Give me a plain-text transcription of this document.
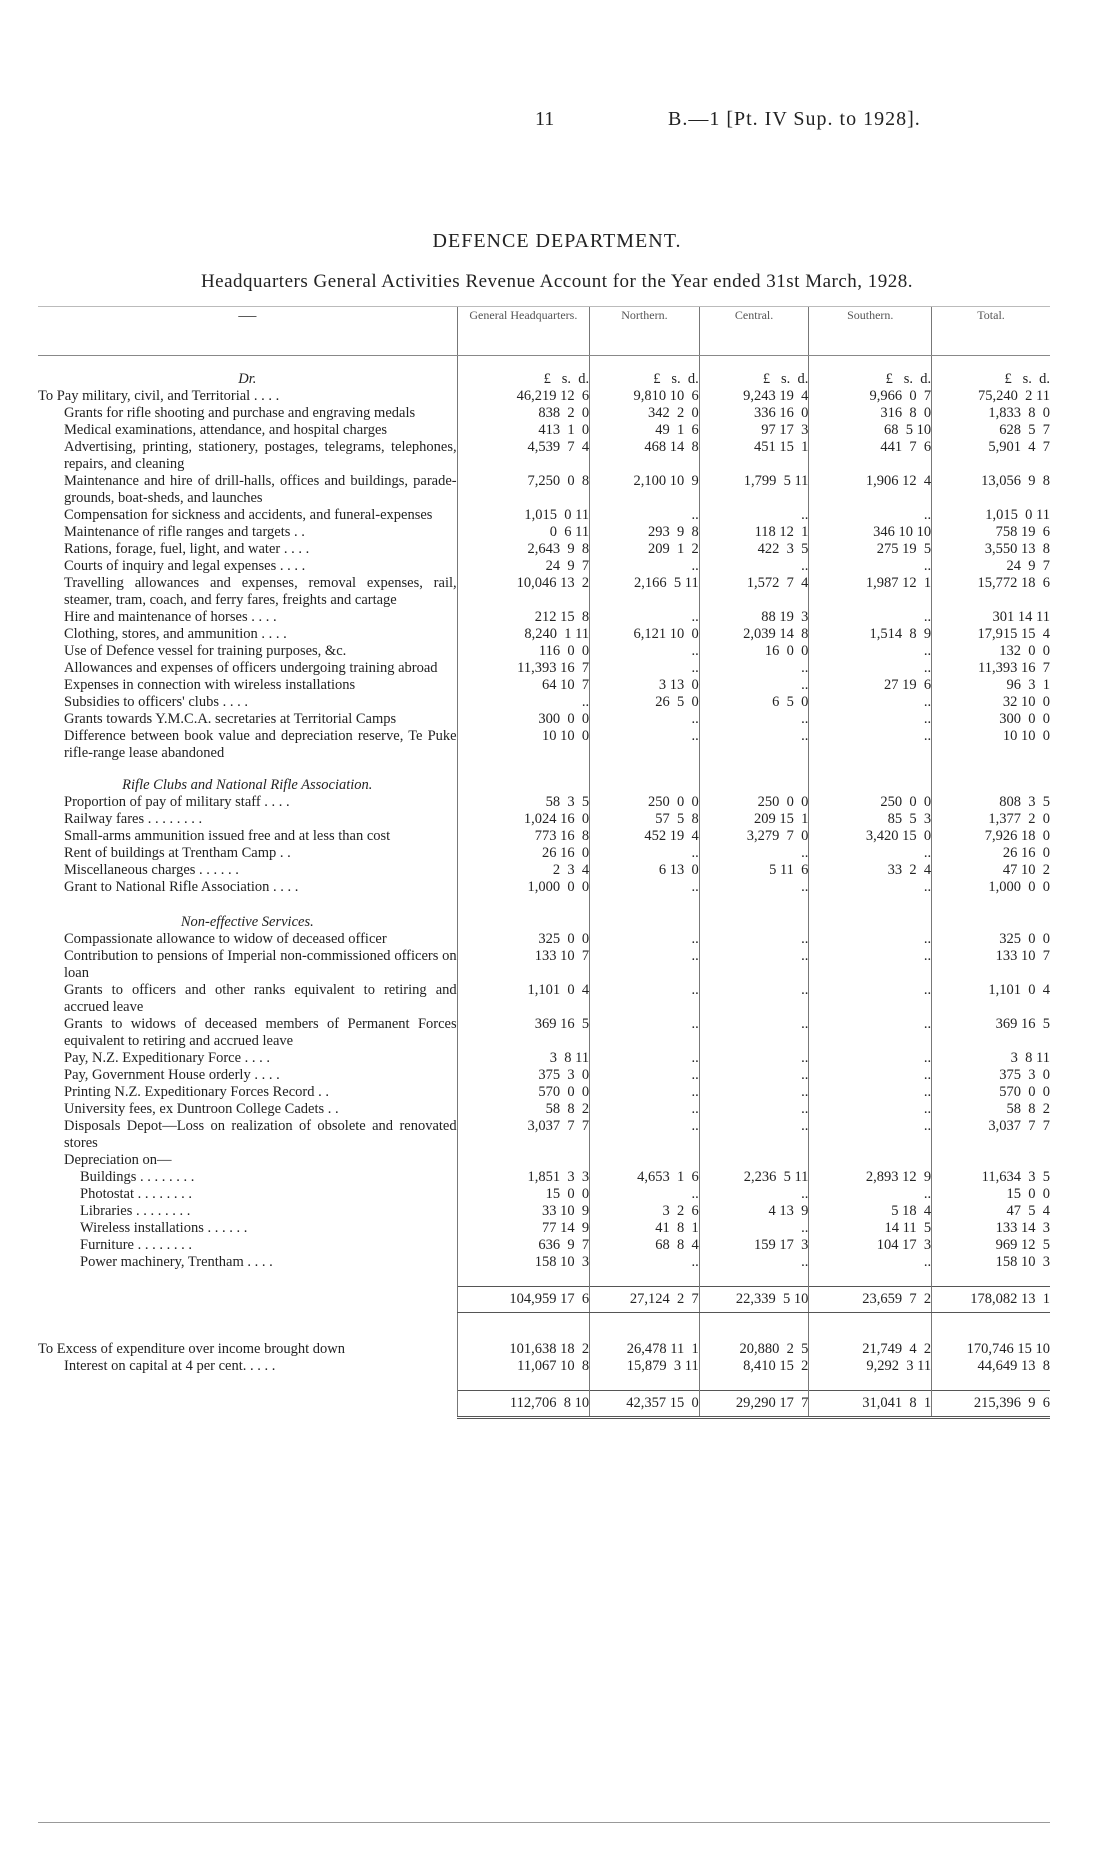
11	B.—1 [Pt. IV Sup. to 1928].
DEFENCE DEPARTMENT.
Headquarters General Activities Revenue Account for the Year ended 31st March, 1928.
—	General Headquarters.	Northern.	Central.	Southern.	Total.

Dr.	£   s.  d.	£   s.  d.	£   s.  d.	£   s.  d.	£   s.  d.
To Pay military, civil, and Territorial . . . .	46,219 12  6	9,810 10  6	9,243 19  4	9,966  0  7	75,240  2 11
Grants for rifle shooting and purchase and engraving medals	838  2  0	342  2  0	336 16  0	316  8  0	1,833  8  0
Medical examinations, attendance, and hospital charges	413  1  0	49  1  6	97 17  3	68  5 10	628  5  7
Advertising, printing, stationery, postages, telegrams, telephones, repairs, and cleaning	4,539  7  4	468 14  8	451 15  1	441  7  6	5,901  4  7
Maintenance and hire of drill-halls, offices and buildings, parade-grounds, boat-sheds, and launches	7,250  0  8	2,100 10  9	1,799  5 11	1,906 12  4	13,056  9  8
Compensation for sickness and accidents, and funeral-expenses	1,015  0 11	..	..	..	1,015  0 11
Maintenance of rifle ranges and targets . .	0  6 11	293  9  8	118 12  1	346 10 10	758 19  6
Rations, forage, fuel, light, and water . . . .	2,643  9  8	209  1  2	422  3  5	275 19  5	3,550 13  8
Courts of inquiry and legal expenses . . . .	24  9  7	..	..	..	24  9  7
Travelling allowances and expenses, removal expenses, rail, steamer, tram, coach, and ferry fares, freights and cartage	10,046 13  2	2,166  5 11	1,572  7  4	1,987 12  1	15,772 18  6
Hire and maintenance of horses . . . .	212 15  8	..	88 19  3	..	301 14 11
Clothing, stores, and ammunition . . . .	8,240  1 11	6,121 10  0	2,039 14  8	1,514  8  9	17,915 15  4
Use of Defence vessel for training purposes, &c.	116  0  0	..	16  0  0	..	132  0  0
Allowances and expenses of officers undergoing training abroad	11,393 16  7	..	..	..	11,393 16  7
Expenses in connection with wireless installations	64 10  7	3 13  0	..	27 19  6	96  3  1
Subsidies to officers' clubs . . . .	..	26  5  0	6  5  0	..	32 10  0
Grants towards Y.M.C.A. secretaries at Territorial Camps	300  0  0	..	..	..	300  0  0
Difference between book value and depreciation reserve, Te Puke rifle-range lease abandoned	10 10  0	..	..	..	10 10  0

Rifle Clubs and National Rifle Association.					
Proportion of pay of military staff . . . .	58  3  5	250  0  0	250  0  0	250  0  0	808  3  5
Railway fares . . . . . . . .	1,024 16  0	57  5  8	209 15  1	85  5  3	1,377  2  0
Small-arms ammunition issued free and at less than cost	773 16  8	452 19  4	3,279  7  0	3,420 15  0	7,926 18  0
Rent of buildings at Trentham Camp . .	26 16  0	..	..	..	26 16  0
Miscellaneous charges . . . . . .	2  3  4	6 13  0	5 11  6	33  2  4	47 10  2
Grant to National Rifle Association . . . .	1,000  0  0	..	..	..	1,000  0  0

Non-effective Services.					
Compassionate allowance to widow of deceased officer	325  0  0	..	..	..	325  0  0
Contribution to pensions of Imperial non-commissioned officers on loan	133 10  7	..	..	..	133 10  7
Grants to officers and other ranks equivalent to retiring and accrued leave	1,101  0  4	..	..	..	1,101  0  4
Grants to widows of deceased members of Permanent Forces equivalent to retiring and accrued leave	369 16  5	..	..	..	369 16  5
Pay, N.Z. Expeditionary Force . . . .	3  8 11	..	..	..	3  8 11
Pay, Government House orderly . . . .	375  3  0	..	..	..	375  3  0
Printing N.Z. Expeditionary Forces Record . .	570  0  0	..	..	..	570  0  0
University fees, ex Duntroon College Cadets . .	58  8  2	..	..	..	58  8  2
Disposals Depot—Loss on realization of obsolete and renovated stores	3,037  7  7	..	..	..	3,037  7  7
Depreciation on—					
Buildings . . . . . . . .	1,851  3  3	4,653  1  6	2,236  5 11	2,893 12  9	11,634  3  5
Photostat . . . . . . . .	15  0  0	..	..	..	15  0  0
Libraries . . . . . . . .	33 10  9	3  2  6	4 13  9	5 18  4	47  5  4
Wireless installations . . . . . .	77 14  9	41  8  1	..	14 11  5	133 14  3
Furniture . . . . . . . .	636  9  7	68  8  4	159 17  3	104 17  3	969 12  5
Power machinery, Trentham . . . .	158 10  3	..	..	..	158 10  3

	104,959 17  6	27,124  2  7	22,339  5 10	23,659  7  2	178,082 13  1

To Excess of expenditure over income brought down	101,638 18  2	26,478 11  1	20,880  2  5	21,749  4  2	170,746 15 10
Interest on capital at 4 per cent. . . . .	11,067 10  8	15,879  3 11	8,410 15  2	9,292  3 11	44,649 13  8

	112,706  8 10	42,357 15  0	29,290 17  7	31,041  8  1	215,396  9  6
